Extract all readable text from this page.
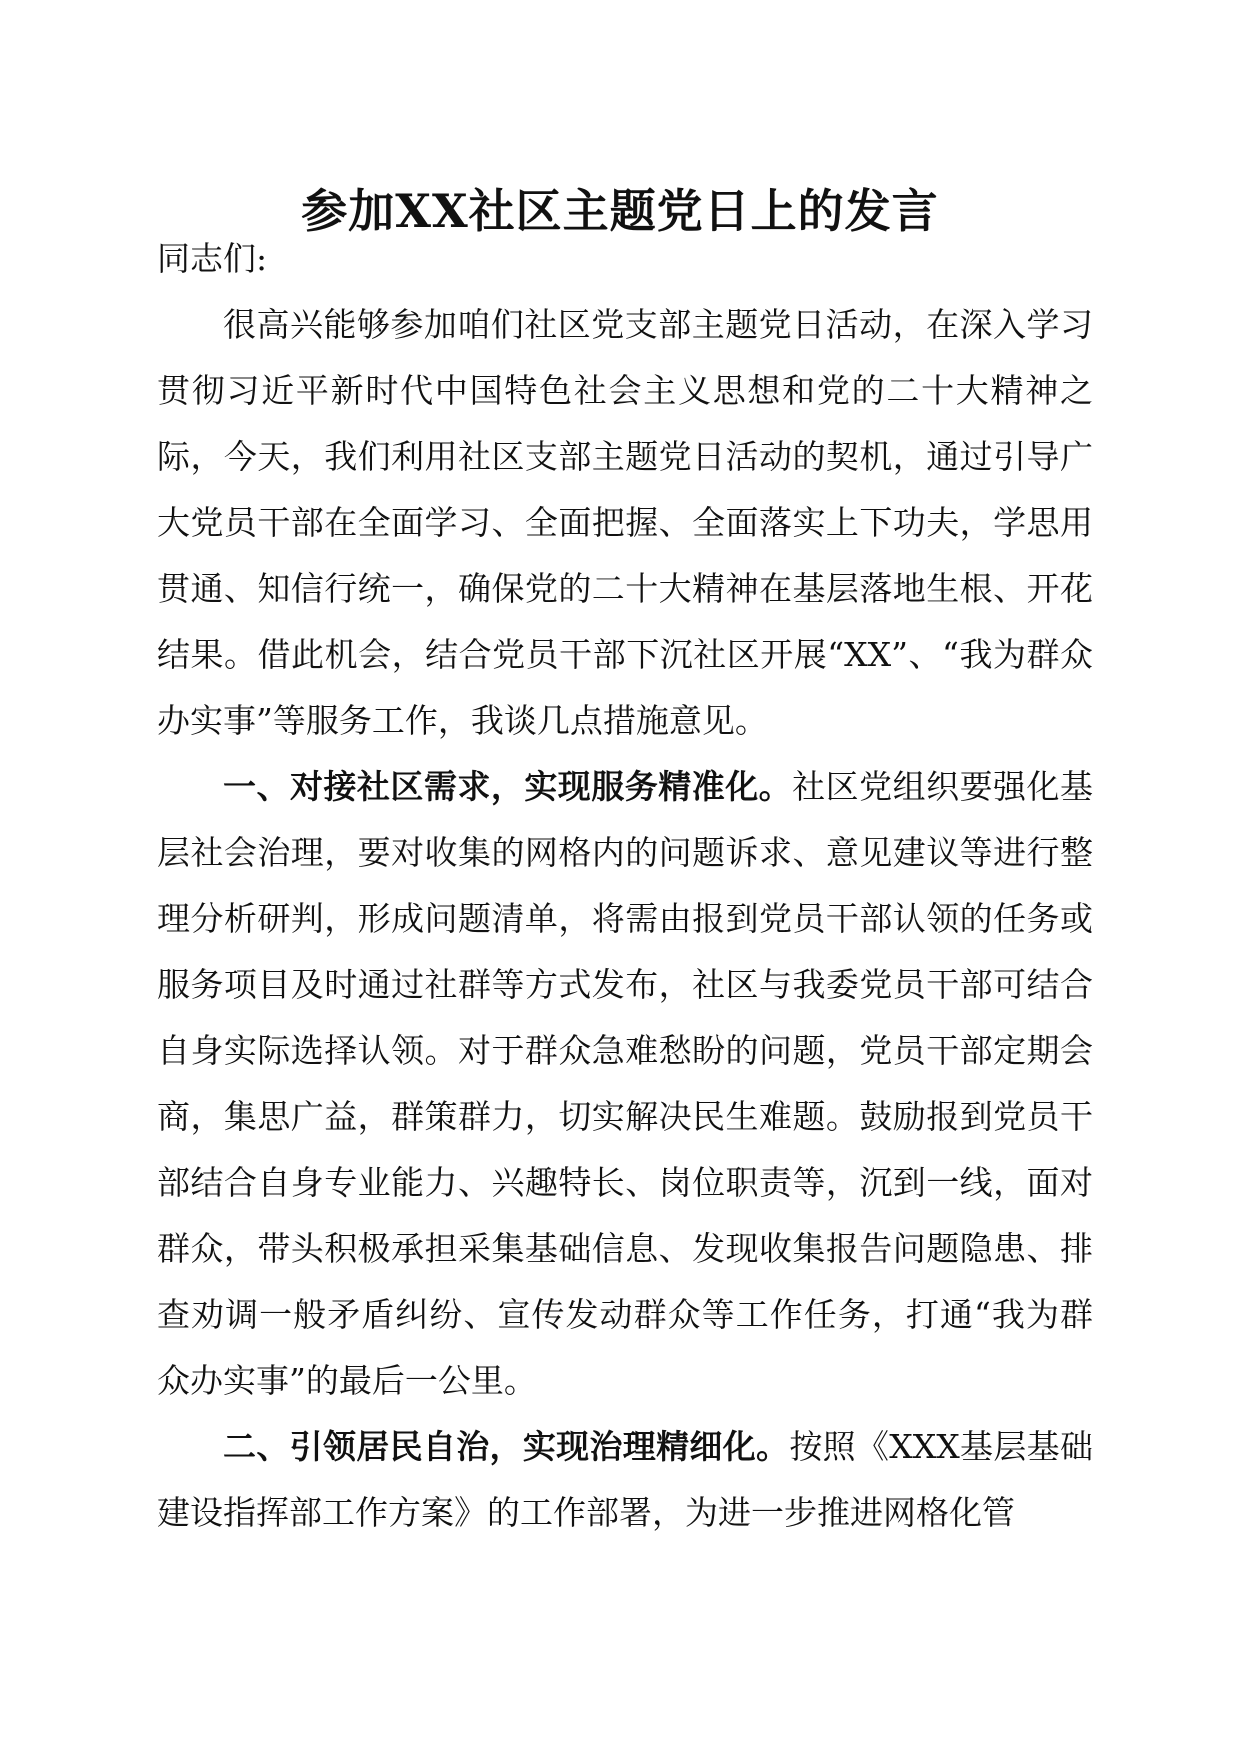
参加XX社区主题党日上的发言

同志们:

很高兴能够参加咱们社区党支部主题党日活动，在深入学习贯彻习近平新时代中国特色社会主义思想和党的二十大精神之际，今天，我们利用社区支部主题党日活动的契机，通过引导广大党员干部在全面学习、全面把握、全面落实上下功夫，学思用贯通、知信行统一，确保党的二十大精神在基层落地生根、开花结果。借此机会，结合党员干部下沉社区开展“XX”、“我为群众办实事”等服务工作，我谈几点措施意见。

一、对接社区需求，实现服务精准化。社区党组织要强化基层社会治理，要对收集的网格内的问题诉求、意见建议等进行整理分析研判，形成问题清单，将需由报到党员干部认领的任务或服务项目及时通过社群等方式发布，社区与我委党员干部可结合自身实际选择认领。对于群众急难愁盼的问题，党员干部定期会商，集思广益，群策群力，切实解决民生难题。鼓励报到党员干部结合自身专业能力、兴趣特长、岗位职责等，沉到一线，面对群众，带头积极承担采集基础信息、发现收集报告问题隐患、排查劝调一般矛盾纠纷、宣传发动群众等工作任务，打通“我为群众办实事”的最后一公里。

二、引领居民自治，实现治理精细化。按照《XXX基层基础建设指挥部工作方案》的工作部署，为进一步推进网格化管
